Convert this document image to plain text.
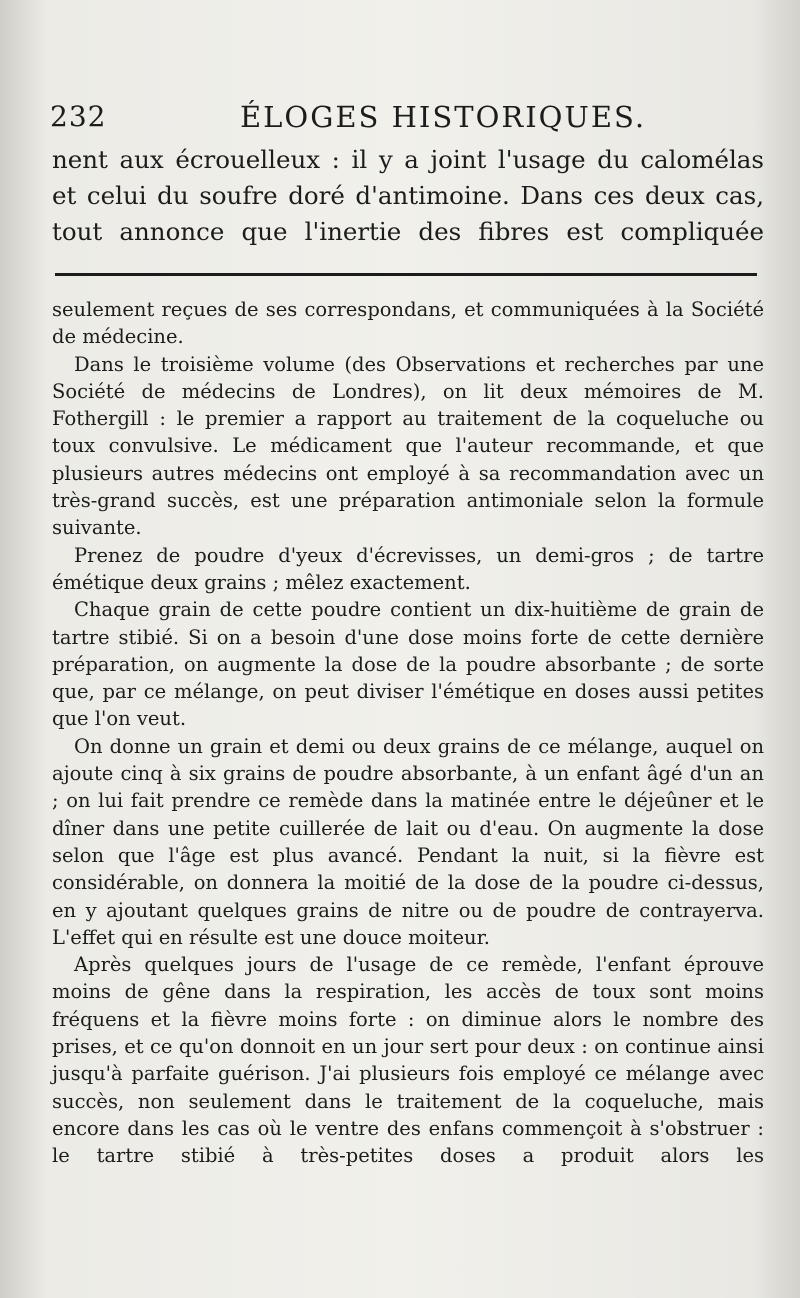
232	ÉLOGES HISTORIQUES.

nent aux écrouelleux : il y a joint l'usage du calomélas

et celui du soufre doré d'antimoine. Dans ces deux cas,

tout annonce que l'inertie des fibres est compliquée

seulement reçues de ses correspondans, et communiquées à la Société de médecine.

Dans le troisième volume (des Observations et recherches par une Société de médecins de Londres), on lit deux mémoires de M. Fothergill : le premier a rapport au traitement de la coqueluche ou toux convulsive. Le médicament que l'auteur recommande, et que plusieurs autres médecins ont employé à sa recommandation avec un très-grand succès, est une préparation antimoniale selon la formule suivante.

Prenez de poudre d'yeux d'écrevisses, un demi-gros ; de tartre émétique deux grains ; mêlez exactement.

Chaque grain de cette poudre contient un dix-huitième de grain de tartre stibié. Si on a besoin d'une dose moins forte de cette dernière préparation, on augmente la dose de la poudre absorbante ; de sorte que, par ce mélange, on peut diviser l'émétique en doses aussi petites que l'on veut.

On donne un grain et demi ou deux grains de ce mélange, auquel on ajoute cinq à six grains de poudre absorbante, à un enfant âgé d'un an ; on lui fait prendre ce remède dans la matinée entre le déjeûner et le dîner dans une petite cuillerée de lait ou d'eau. On augmente la dose selon que l'âge est plus avancé. Pendant la nuit, si la fièvre est considérable, on donnera la moitié de la dose de la poudre ci-dessus, en y ajoutant quelques grains de nitre ou de poudre de contrayerva. L'effet qui en résulte est une douce moiteur.

Après quelques jours de l'usage de ce remède, l'enfant éprouve moins de gêne dans la respiration, les accès de toux sont moins fréquens et la fièvre moins forte : on diminue alors le nombre des prises, et ce qu'on donnoit en un jour sert pour deux : on continue ainsi jusqu'à parfaite guérison. J'ai plusieurs fois employé ce mélange avec succès, non seulement dans le traitement de la coqueluche, mais encore dans les cas où le ventre des enfans commençoit à s'obstruer : le tartre stibié à très-petites doses a produit alors les
